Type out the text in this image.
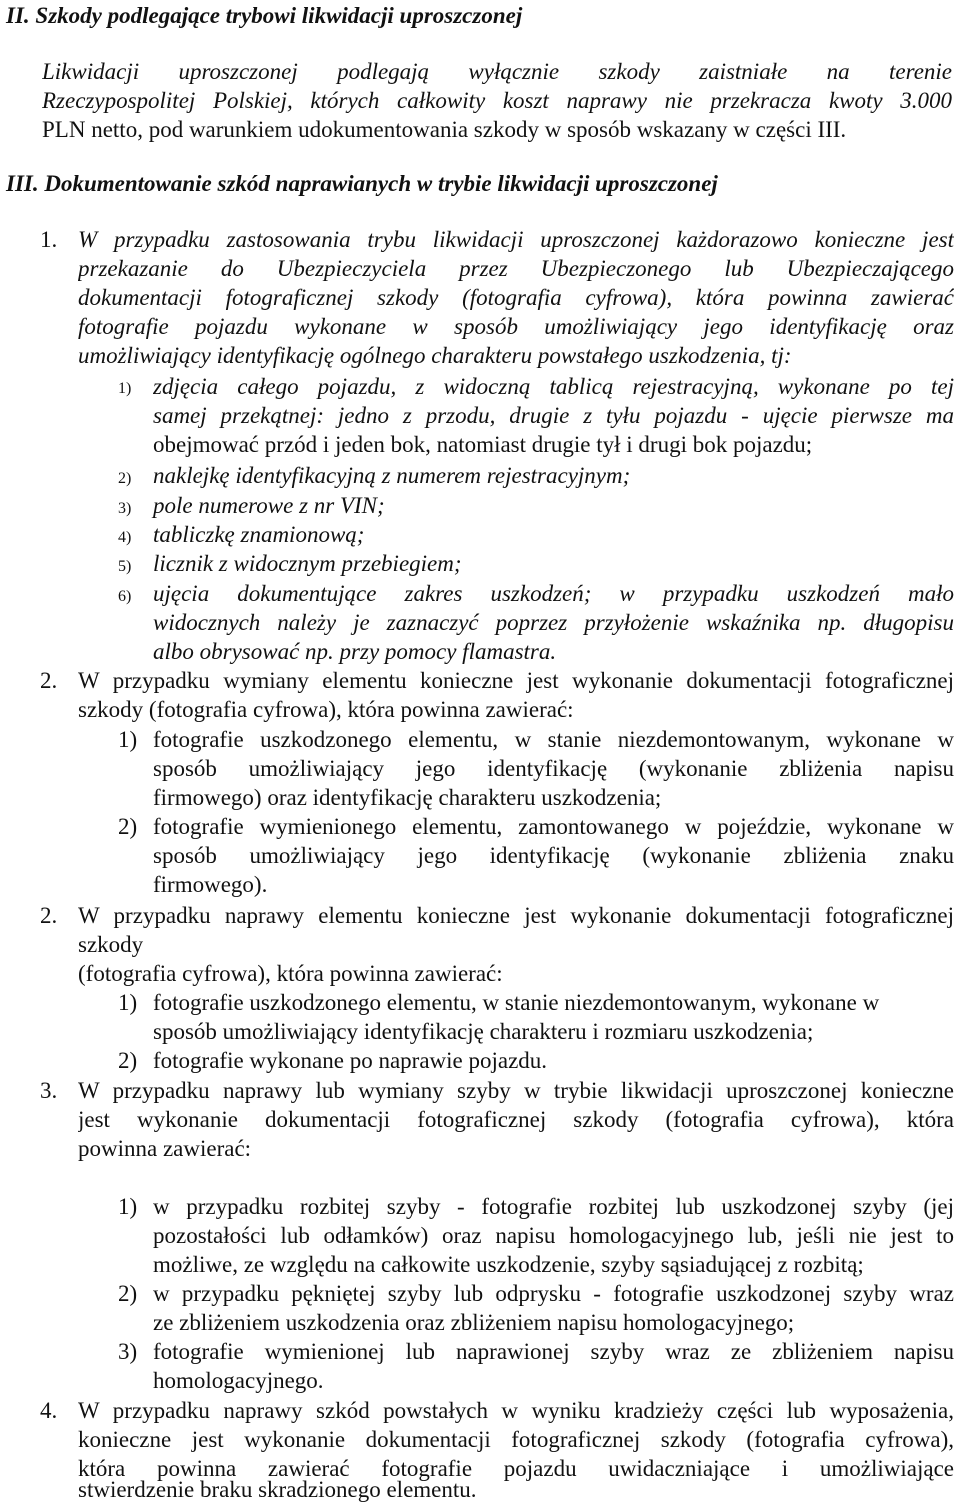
II. Szkody podlegające trybowi likwidacji uproszczonej
Likwidacji uproszczonej podlegają wyłącznie szkody zaistniałe na terenie
Rzeczypospolitej Polskiej, których całkowity koszt naprawy nie przekracza kwoty 3.000
PLN netto, pod warunkiem udokumentowania szkody w sposób wskazany w części III.
III. Dokumentowanie szkód naprawianych w trybie likwidacji uproszczonej
1. W przypadku zastosowania trybu likwidacji uproszczonej każdorazowo konieczne jest
przekazanie do Ubezpieczyciela przez Ubezpieczonego lub Ubezpieczającego
dokumentacji fotograficznej szkody (fotografia cyfrowa), która powinna zawierać
fotografie pojazdu wykonane w sposób umożliwiający jego identyfikację oraz
umożliwiający identyfikację ogólnego charakteru powstałego uszkodzenia, tj:
1) zdjęcia całego pojazdu, z widoczną tablicą rejestracyjną, wykonane po tej
samej przekątnej: jedno z przodu, drugie z tyłu pojazdu - ujęcie pierwsze ma
obejmować przód i jeden bok, natomiast drugie tył i drugi bok pojazdu;
2) naklejkę identyfikacyjną z numerem rejestracyjnym;
3) pole numerowe z nr VIN;
4) tabliczkę znamionową;
5) licznik z widocznym przebiegiem;
6) ujęcia dokumentujące zakres uszkodzeń; w przypadku uszkodzeń mało
widocznych należy je zaznaczyć poprzez przyłożenie wskaźnika np. długopisu
albo obrysować np. przy pomocy flamastra.
2. W przypadku wymiany elementu konieczne jest wykonanie dokumentacji fotograficznej
szkody (fotografia cyfrowa), która powinna zawierać:
1) fotografie uszkodzonego elementu, w stanie niezdemontowanym, wykonane w
sposób umożliwiający jego identyfikację (wykonanie zbliżenia napisu
firmowego) oraz identyfikację charakteru uszkodzenia;
2) fotografie wymienionego elementu, zamontowanego w pojeździe, wykonane w
sposób umożliwiający jego identyfikację (wykonanie zbliżenia znaku
firmowego).
2. W przypadku naprawy elementu konieczne jest wykonanie dokumentacji fotograficznej
szkody
(fotografia cyfrowa), która powinna zawierać:
1) fotografie uszkodzonego elementu, w stanie niezdemontowanym, wykonane w
sposób umożliwiający identyfikację charakteru i rozmiaru uszkodzenia;
2) fotografie wykonane po naprawie pojazdu.
3. W przypadku naprawy lub wymiany szyby w trybie likwidacji uproszczonej konieczne
jest wykonanie dokumentacji fotograficznej szkody (fotografia cyfrowa), która
powinna zawierać:
1) w przypadku rozbitej szyby - fotografie rozbitej lub uszkodzonej szyby (jej
pozostałości lub odłamków) oraz napisu homologacyjnego lub, jeśli nie jest to
możliwe, ze względu na całkowite uszkodzenie, szyby sąsiadującej z rozbitą;
2) w przypadku pękniętej szyby lub odprysku - fotografie uszkodzonej szyby wraz
ze zbliżeniem uszkodzenia oraz zbliżeniem napisu homologacyjnego;
3) fotografie wymienionej lub naprawionej szyby wraz ze zbliżeniem napisu
homologacyjnego.
4. W przypadku naprawy szkód powstałych w wyniku kradzieży części lub wyposażenia,
konieczne jest wykonanie dokumentacji fotograficznej szkody (fotografia cyfrowa),
która powinna zawierać fotografie pojazdu uwidaczniające i umożliwiające
stwierdzenie braku skradzionego elementu.
